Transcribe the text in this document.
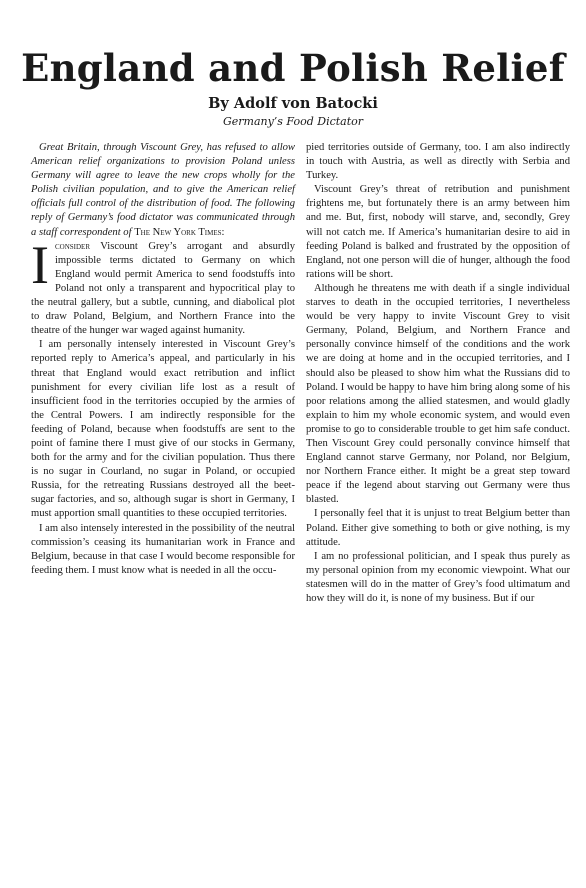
England and Polish Relief
By Adolf von Batocki
Germany’s Food Dictator

Great Britain, through Viscount Grey, has refused to allow American relief organizations to provision Poland unless Germany will agree to leave the new crops wholly for the Polish civilian population, and to give the American relief officials full control of the distribution of food. The following reply of Germany’s food dictator was communicated through a staff correspondent of The New York Times:

Iconsider Viscount Grey’s arrogant and absurdly impossible terms dictated to Germany on which England would permit America to send foodstuffs into Poland not only a transparent and hypocritical play to the neutral gallery, but a subtle, cunning, and diabolical plot to draw Poland, Belgium, and Northern France into the theatre of the hunger war waged against humanity.

I am personally intensely interested in Viscount Grey’s reported reply to America’s appeal, and particularly in his threat that England would exact retribution and inflict punishment for every civilian life lost as a result of insufficient food in the territories occupied by the armies of the Central Powers. I am indirectly responsible for the feeding of Poland, because when foodstuffs are sent to the point of famine there I must give of our stocks in Germany, both for the army and for the civilian population. Thus there is no sugar in Courland, no sugar in Poland, or occupied Russia, for the retreating Russians destroyed all the beet-sugar factories, and so, although sugar is short in Germany, I must apportion small quantities to these occupied territories.

I am also intensely interested in the possibility of the neutral commission’s ceasing its humanitarian work in France and Belgium, because in that case I would become responsible for feeding them. I must know what is needed in all the occu-

pied territories outside of Germany, too. I am also indirectly in touch with Austria, as well as directly with Serbia and Turkey.

Viscount Grey’s threat of retribution and punishment frightens me, but fortunately there is an army between him and me. But, first, nobody will starve, and, secondly, Grey will not catch me. If America’s humanitarian desire to aid in feeding Poland is balked and frustrated by the opposition of England, not one person will die of hunger, although the food rations will be short.

Although he threatens me with death if a single individual starves to death in the occupied territories, I nevertheless would be very happy to invite Viscount Grey to visit Germany, Poland, Belgium, and Northern France and personally convince himself of the conditions and the work we are doing at home and in the occupied territories, and I should also be pleased to show him what the Russians did to Poland. I would be happy to have him bring along some of his poor relations among the allied statesmen, and would gladly explain to him my whole economic system, and would even promise to go to considerable trouble to get him safe conduct. Then Viscount Grey could personally convince himself that England cannot starve Germany, nor Poland, nor Belgium, nor Northern France either. It might be a great step toward peace if the legend about starving out Germany were thus blasted.

I personally feel that it is unjust to treat Belgium better than Poland. Either give something to both or give nothing, is my attitude.

I am no professional politician, and I speak thus purely as my personal opinion from my economic viewpoint. What our statesmen will do in the matter of Grey’s food ultimatum and how they will do it, is none of my business. But if our
